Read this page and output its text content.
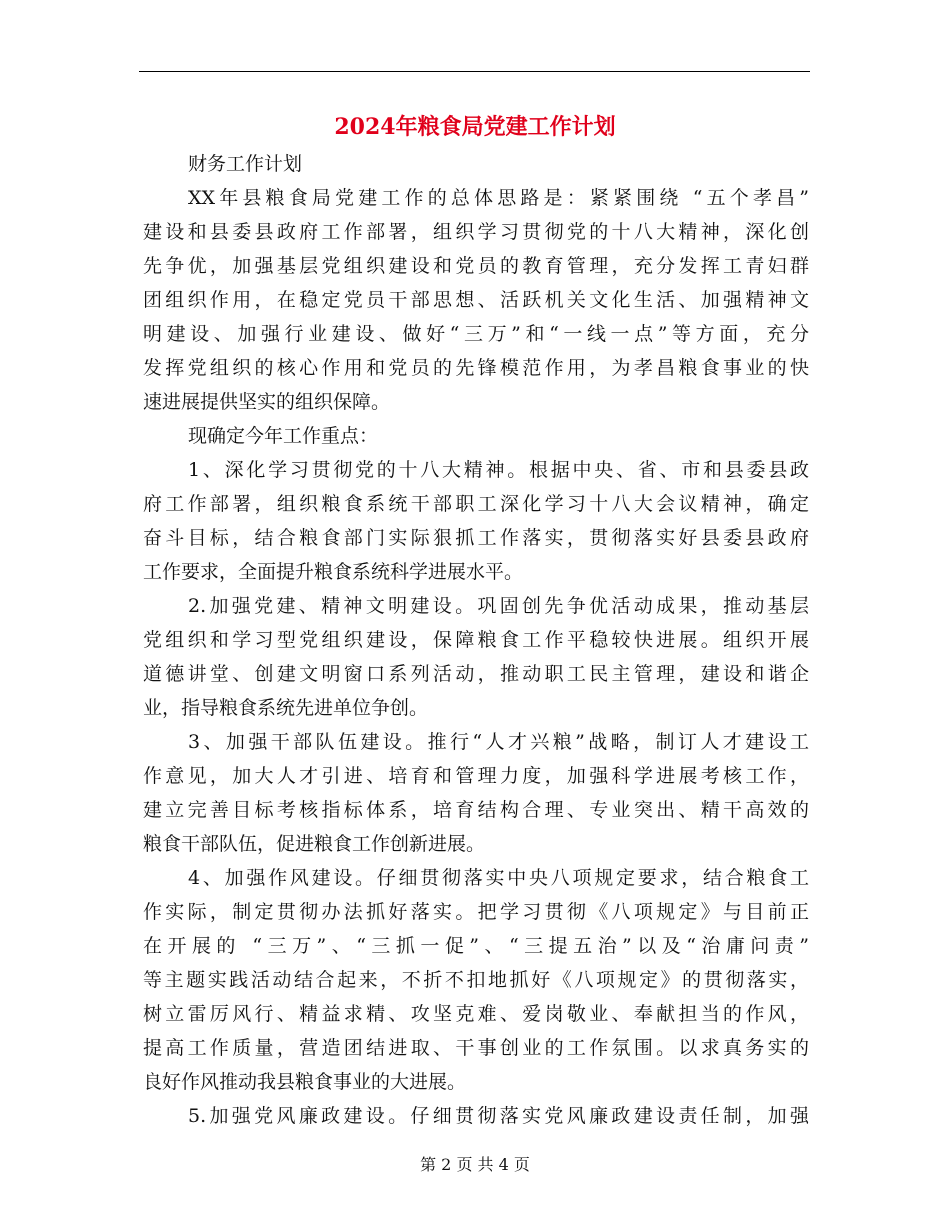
2024年粮食局党建工作计划
财务工作计划
XX年县粮食局党建工作的总体思路是：紧紧围绕 “五个孝昌”
建设和县委县政府工作部署，组织学习贯彻党的十八大精神，深化创
先争优，加强基层党组织建设和党员的教育管理，充分发挥工青妇群
团组织作用，在稳定党员干部思想、活跃机关文化生活、加强精神文
明建设、加强行业建设、做好“三万”和“一线一点”等方面，充分
发挥党组织的核心作用和党员的先锋模范作用，为孝昌粮食事业的快
速进展提供坚实的组织保障。
现确定今年工作重点：
1、深化学习贯彻党的十八大精神。根据中央、省、市和县委县政
府工作部署，组织粮食系统干部职工深化学习十八大会议精神，确定
奋斗目标，结合粮食部门实际狠抓工作落实，贯彻落实好县委县政府
工作要求，全面提升粮食系统科学进展水平。
2.加强党建、精神文明建设。巩固创先争优活动成果，推动基层
党组织和学习型党组织建设，保障粮食工作平稳较快进展。组织开展
道德讲堂、创建文明窗口系列活动，推动职工民主管理，建设和谐企
业，指导粮食系统先进单位争创。
3、加强干部队伍建设。推行“人才兴粮”战略，制订人才建设工
作意见，加大人才引进、培育和管理力度，加强科学进展考核工作，
建立完善目标考核指标体系，培育结构合理、专业突出、精干高效的
粮食干部队伍，促进粮食工作创新进展。
4、加强作风建设。仔细贯彻落实中央八项规定要求，结合粮食工
作实际，制定贯彻办法抓好落实。把学习贯彻《八项规定》与目前正
在开展的 “三万”、“三抓一促”、“三提五治”以及“治庸问责”
等主题实践活动结合起来，不折不扣地抓好《八项规定》的贯彻落实，
树立雷厉风行、精益求精、攻坚克难、爱岗敬业、奉献担当的作风，
提高工作质量，营造团结进取、干事创业的工作氛围。以求真务实的
良好作风推动我县粮食事业的大进展。
5.加强党风廉政建设。仔细贯彻落实党风廉政建设责任制，加强
第 2 页 共 4 页
